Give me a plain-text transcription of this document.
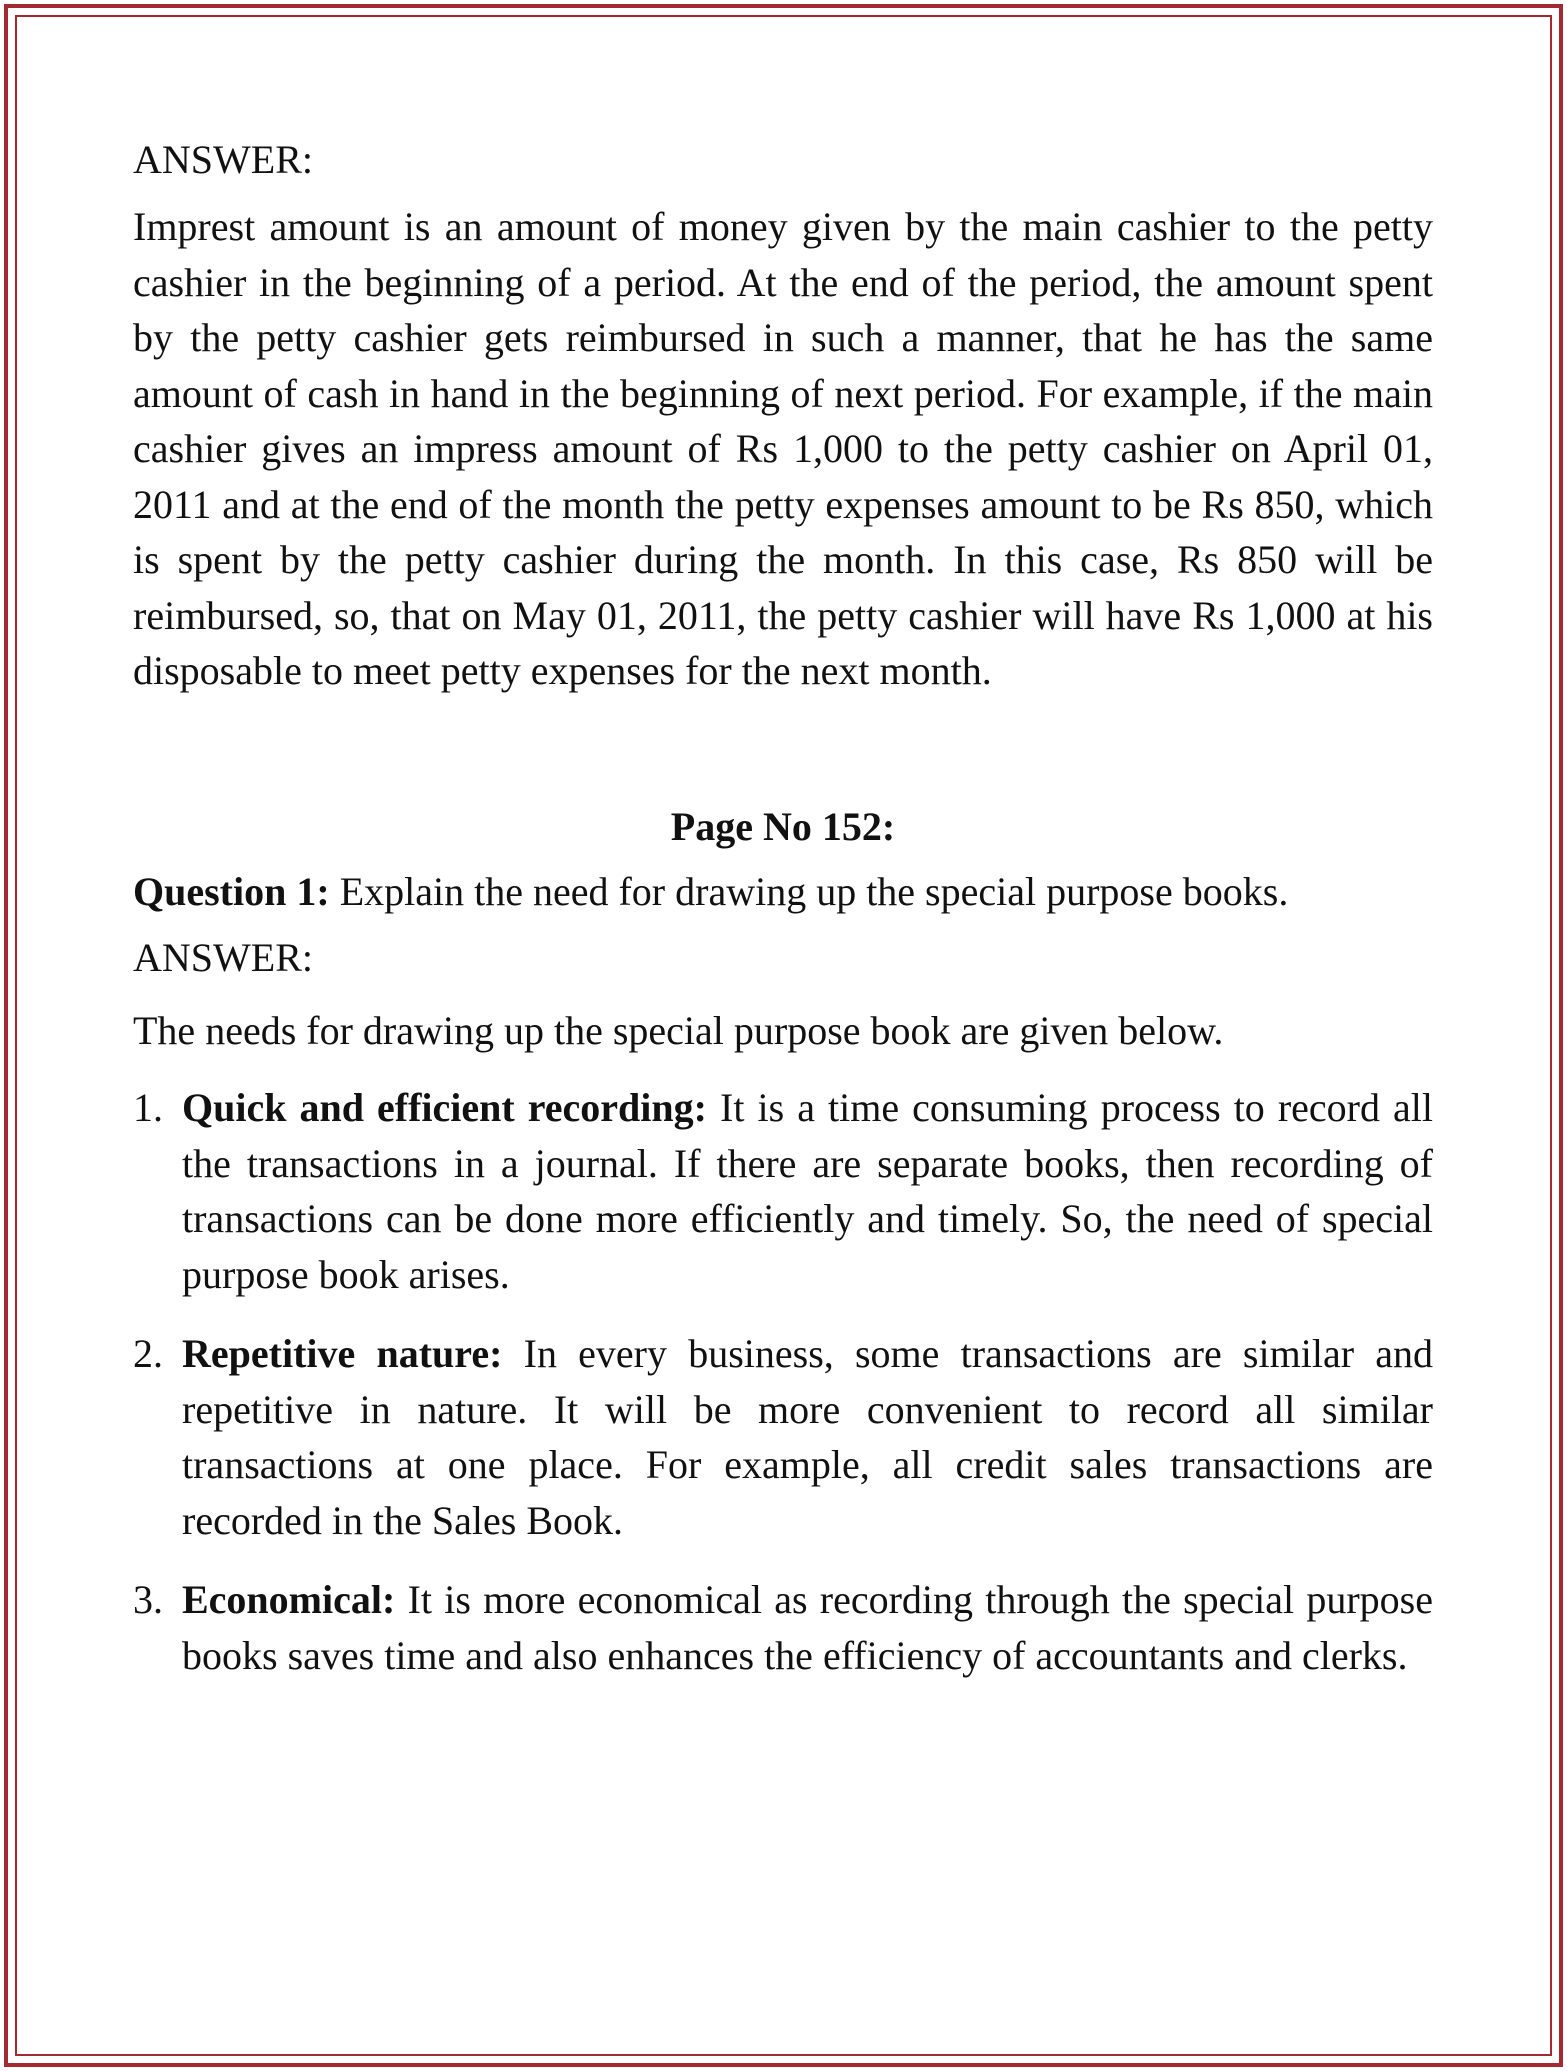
ANSWER:

Imprest amount is an amount of money given by the main cashier to the petty cashier in the beginning of a period. At the end of the period, the amount spent by the petty cashier gets reimbursed in such a manner, that he has the same amount of cash in hand in the beginning of next period. For example, if the main cashier gives an impress amount of Rs 1,000 to the petty cashier on April 01, 2011 and at the end of the month the petty expenses amount to be Rs 850, which is spent by the petty cashier during the month. In this case, Rs 850 will be reimbursed, so, that on May 01, 2011, the petty cashier will have Rs 1,000 at his disposable to meet petty expenses for the next month.

Page No 152:

Question 1: Explain the need for drawing up the special purpose books.

ANSWER:

The needs for drawing up the special purpose book are given below.

1. Quick and efficient recording: It is a time consuming process to record all the transactions in a journal. If there are separate books, then recording of transactions can be done more efficiently and timely. So, the need of special purpose book arises.
2. Repetitive nature: In every business, some transactions are similar and repetitive in nature. It will be more convenient to record all similar transactions at one place. For example, all credit sales transactions are recorded in the Sales Book.
3. Economical: It is more economical as recording through the special purpose books saves time and also enhances the efficiency of accountants and clerks.
